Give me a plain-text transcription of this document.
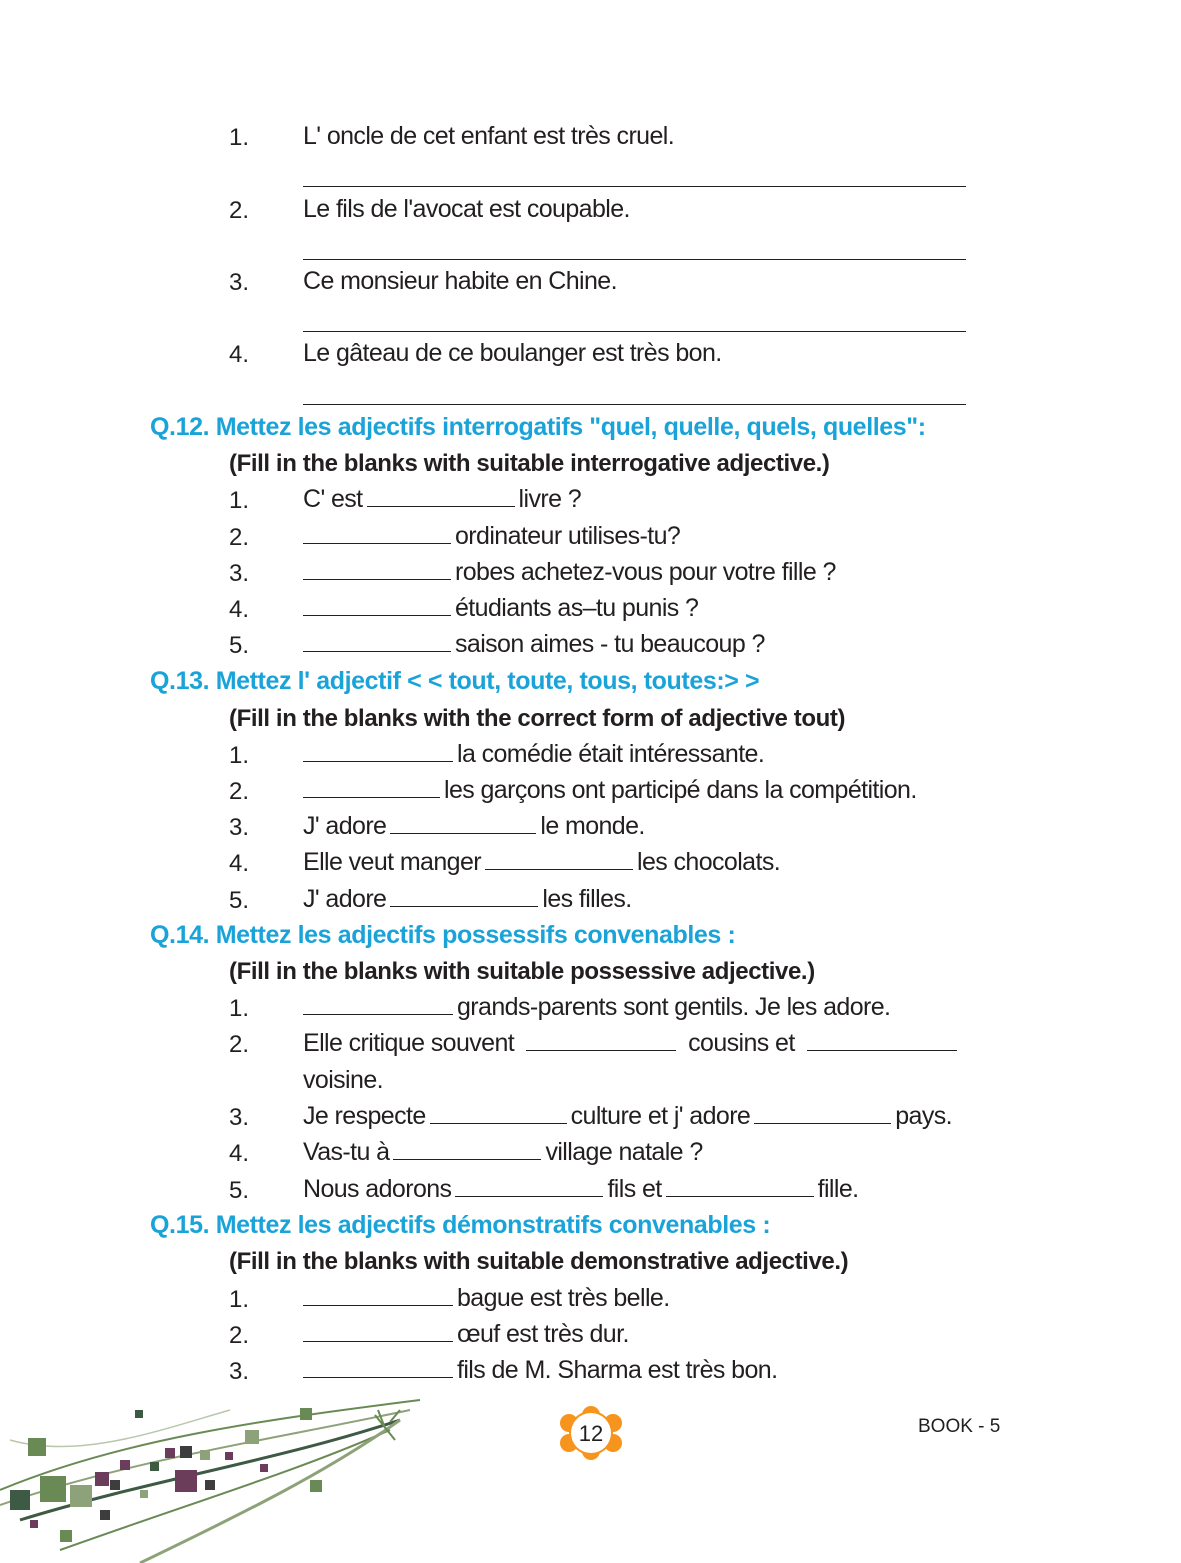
1. L' oncle de cet enfant est très cruel.
2. Le fils de l'avocat est coupable.
3. Ce monsieur habite en Chine.
4. Le gâteau de ce boulanger est très bon.
Q.12. Mettez les adjectifs interrogatifs "quel, quelle, quels, quelles":
(Fill in the blanks with suitable interrogative adjective.)
1. C' est	livre ?
2.	ordinateur utilises-tu?
3.	robes achetez-vous pour votre fille ?
4.	étudiants as–tu punis ?
5.	saison aimes - tu beaucoup ?
Q.13. Mettez l' adjectif < < tout, toute, tous, toutes:> >
(Fill in the blanks with the correct form of adjective tout)
1.	la comédie était intéressante.
2.	les garçons ont participé dans la compétition.
3. J' adore	le monde.
4. Elle veut manger	les chocolats.
5. J' adore	les filles.
Q.14. Mettez les adjectifs possessifs convenables :
(Fill in the blanks with suitable possessive adjective.)
1.	grands-parents sont gentils. Je les adore.
2. Elle critique souvent	cousins et
voisine.
3. Je respecte	culture et j' adore	pays.
4. Vas-tu à	village natale ?
5. Nous adorons	fils et	fille.
Q.15. Mettez les adjectifs démonstratifs convenables :
(Fill in the blanks with suitable demonstrative adjective.)
1.	bague est très belle.
2.	œuf est très dur.
3.	fils de M. Sharma est très bon.
12	BOOK - 5
